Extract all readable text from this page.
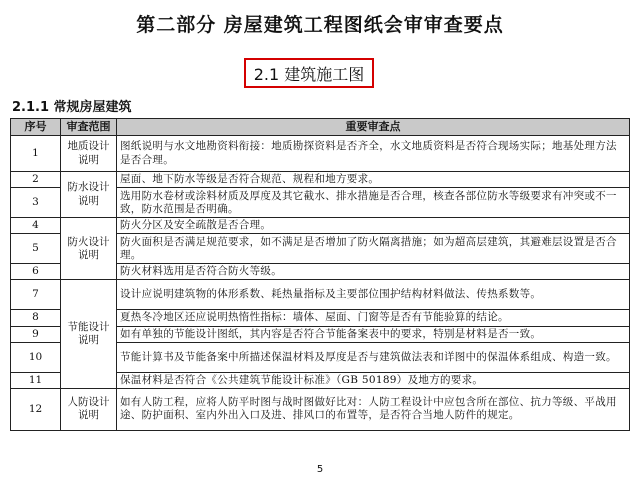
第二部分 房屋建筑工程图纸会审审查要点
2.1 建筑施工图
2.1.1 常规房屋建筑
序号	审查范围	重要审查点
1	地质设计说明	图纸说明与水文地勘资料衔接：地质勘探资料是否齐全，水文地质资料是否符合现场实际；地基处理方法是否合理。
2	防水设计说明	屋面、地下防水等级是否符合规范、规程和地方要求。
3		选用防水卷材或涂料材质及厚度及其它截水、排水措施是否合理，核查各部位防水等级要求有冲突或不一致，防水范围是否明确。
4	防火设计说明	防火分区及安全疏散是否合理。
5		防火面积是否满足规范要求，如不满足是否增加了防火隔离措施；如为超高层建筑，其避难层设置是否合理。
6		防火材料选用是否符合防火等级。
7	节能设计说明	设计应说明建筑物的体形系数、耗热量指标及主要部位围护结构材料做法、传热系数等。
8		夏热冬冷地区还应说明热惰性指标：墙体、屋面、门窗等是否有节能验算的结论。
9		如有单独的节能设计图纸，其内容是否符合节能备案表中的要求，特别是材料是否一致。
10		节能计算书及节能备案中所描述保温材料及厚度是否与建筑做法表和详图中的保温体系组成、构造一致。
11		保温材料是否符合《公共建筑节能设计标准》（GB 50189）及地方的要求。
12	人防设计说明	如有人防工程，应将人防平时图与战时图做好比对：人防工程设计中应包含所在部位、抗力等级、平战用途、防护面积、室内外出入口及进、排风口的布置等，是否符合当地人防件的规定。
5
